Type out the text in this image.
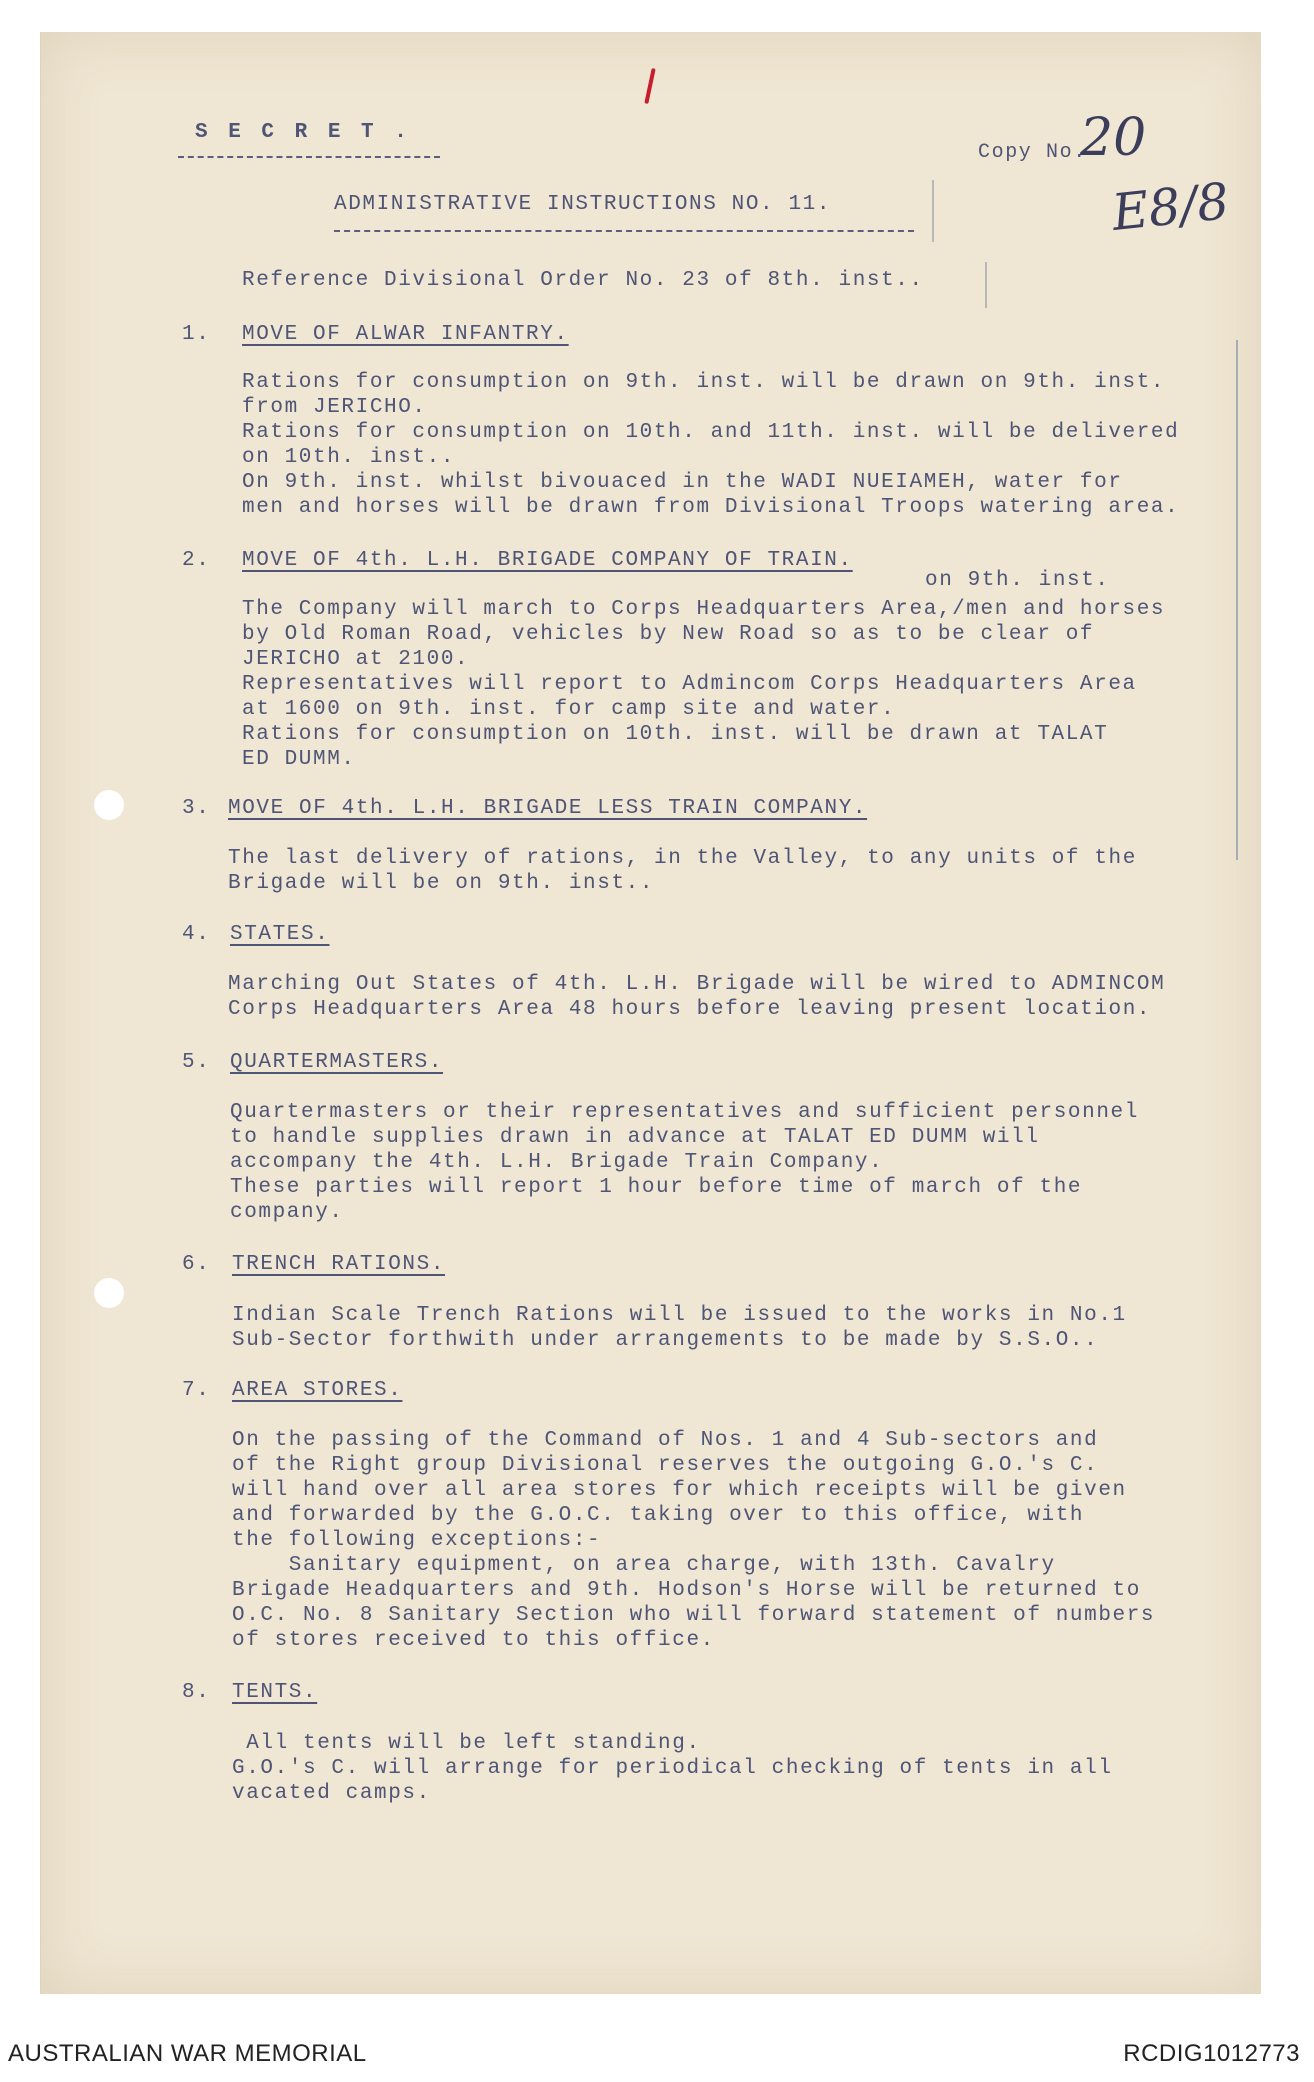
S E C R E T .
Copy No.
20
E8/8
ADMINISTRATIVE INSTRUCTIONS NO. 11.
Reference Divisional Order No. 23 of 8th. inst..
1. MOVE OF ALWAR INFANTRY.
Rations for consumption on 9th. inst. will be drawn on 9th. inst.
from JERICHO.
Rations for consumption on 10th. and 11th. inst. will be delivered
on 10th. inst..
On 9th. inst. whilst bivouaced in the WADI NUEIAMEH, water for
men and horses will be drawn from Divisional Troops watering area.
2. MOVE OF 4th. L.H. BRIGADE COMPANY OF TRAIN.
on 9th. inst.
The Company will march to Corps Headquarters Area,/men and horses
by Old Roman Road, vehicles by New Road so as to be clear of
JERICHO at 2100.
Representatives will report to Admincom Corps Headquarters Area
at 1600 on 9th. inst. for camp site and water.
Rations for consumption on 10th. inst. will be drawn at TALAT
ED DUMM.
3. MOVE OF 4th. L.H. BRIGADE LESS TRAIN COMPANY.
The last delivery of rations, in the Valley, to any units of the
Brigade will be on 9th. inst..
4. STATES.
Marching Out States of 4th. L.H. Brigade will be wired to ADMINCOM
Corps Headquarters Area 48 hours before leaving present location.
5. QUARTERMASTERS.
Quartermasters or their representatives and sufficient personnel
to handle supplies drawn in advance at TALAT ED DUMM will
accompany the 4th. L.H. Brigade Train Company.
These parties will report 1 hour before time of march of the
company.
6. TRENCH RATIONS.
Indian Scale Trench Rations will be issued to the works in No.1
Sub-Sector forthwith under arrangements to be made by S.S.O..
7. AREA STORES.
On the passing of the Command of Nos. 1 and 4 Sub-sectors and
of the Right group Divisional reserves the outgoing G.O.'s C.
will hand over all area stores for which receipts will be given
and forwarded by the G.O.C. taking over to this office, with
the following exceptions:-
Sanitary equipment, on area charge, with 13th. Cavalry
Brigade Headquarters and 9th. Hodson's Horse will be returned to
O.C. No. 8 Sanitary Section who will forward statement of numbers
of stores received to this office.
8. TENTS.
All tents will be left standing.
G.O.'s C. will arrange for periodical checking of tents in all
vacated camps.
AUSTRALIAN WAR MEMORIAL	RCDIG1012773
